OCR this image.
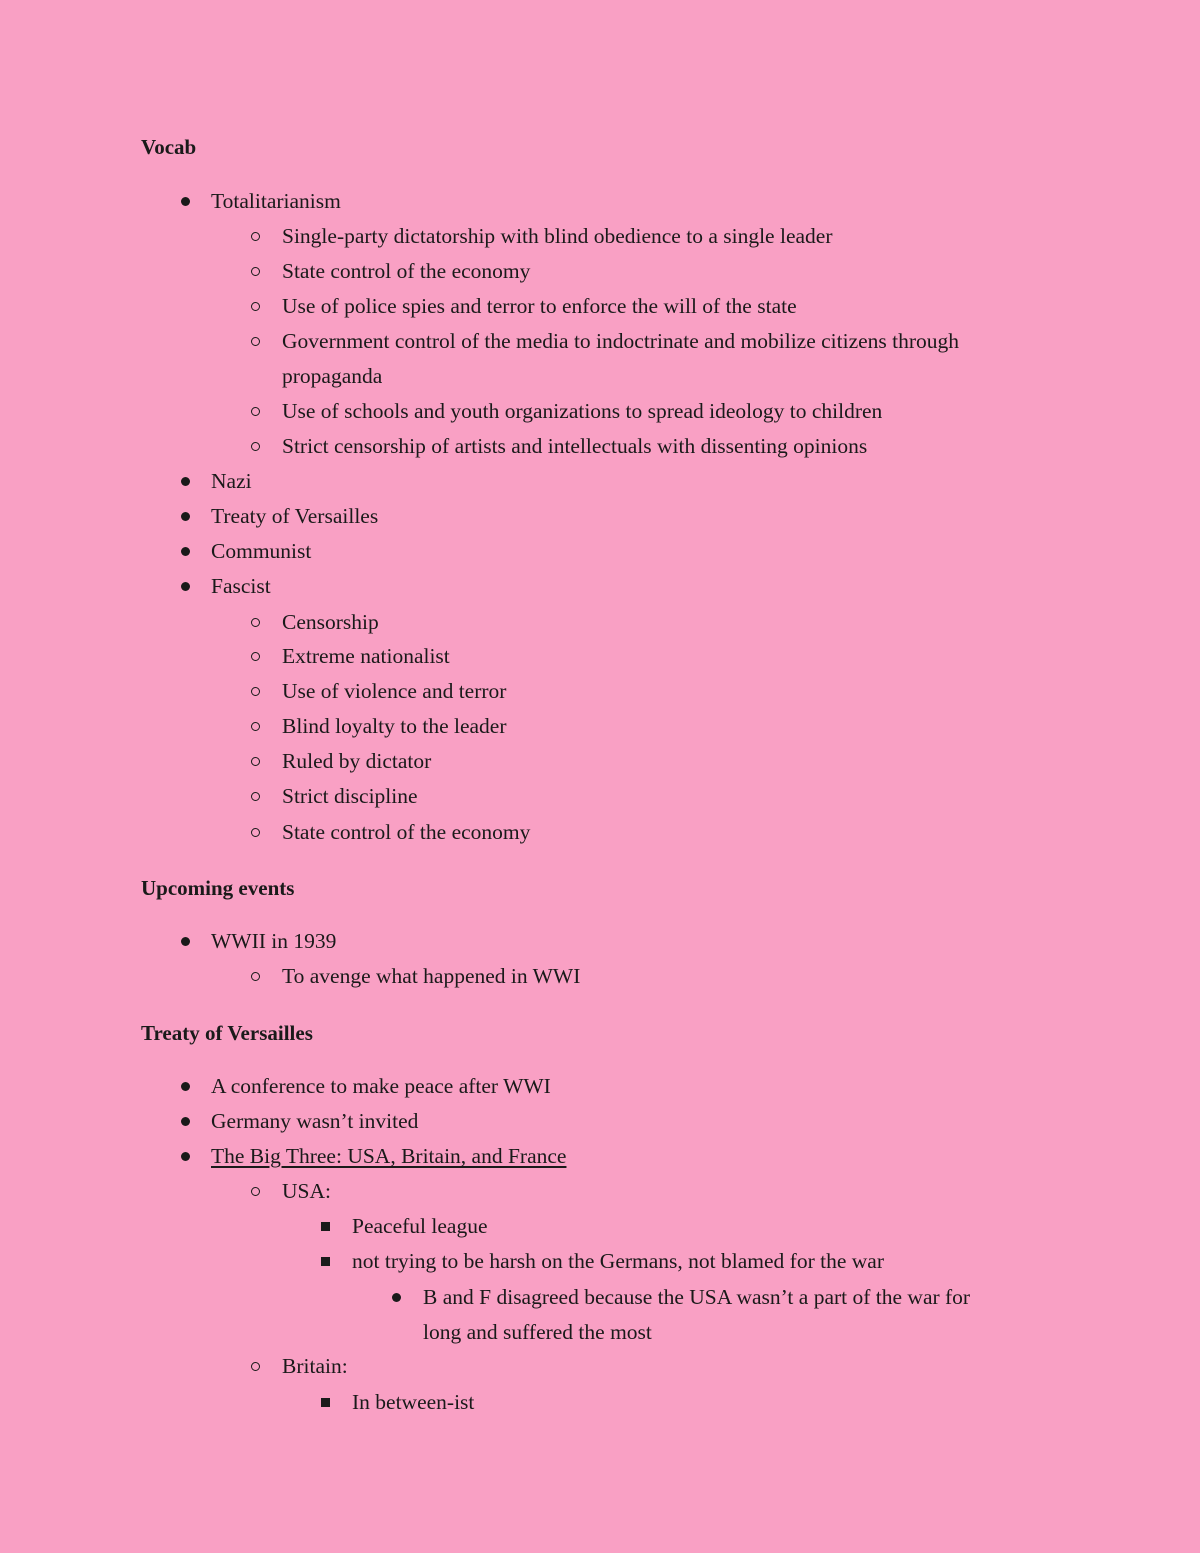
Vocab
Totalitarianism
Single-party dictatorship with blind obedience to a single leader
State control of the economy
Use of police spies and terror to enforce the will of the state
Government control of the media to indoctrinate and mobilize citizens through
propaganda
Use of schools and youth organizations to spread ideology to children
Strict censorship of artists and intellectuals with dissenting opinions
Nazi
Treaty of Versailles
Communist
Fascist
Censorship
Extreme nationalist
Use of violence and terror
Blind loyalty to the leader
Ruled by dictator
Strict discipline
State control of the economy
Upcoming events
WWII in 1939
To avenge what happened in WWI
Treaty of Versailles
A conference to make peace after WWI
Germany wasn’t invited
The Big Three: USA, Britain, and France
USA:
Peaceful league
not trying to be harsh on the Germans, not blamed for the war
B and F disagreed because the USA wasn’t a part of the war for
long and suffered the most
Britain:
In between-ist
